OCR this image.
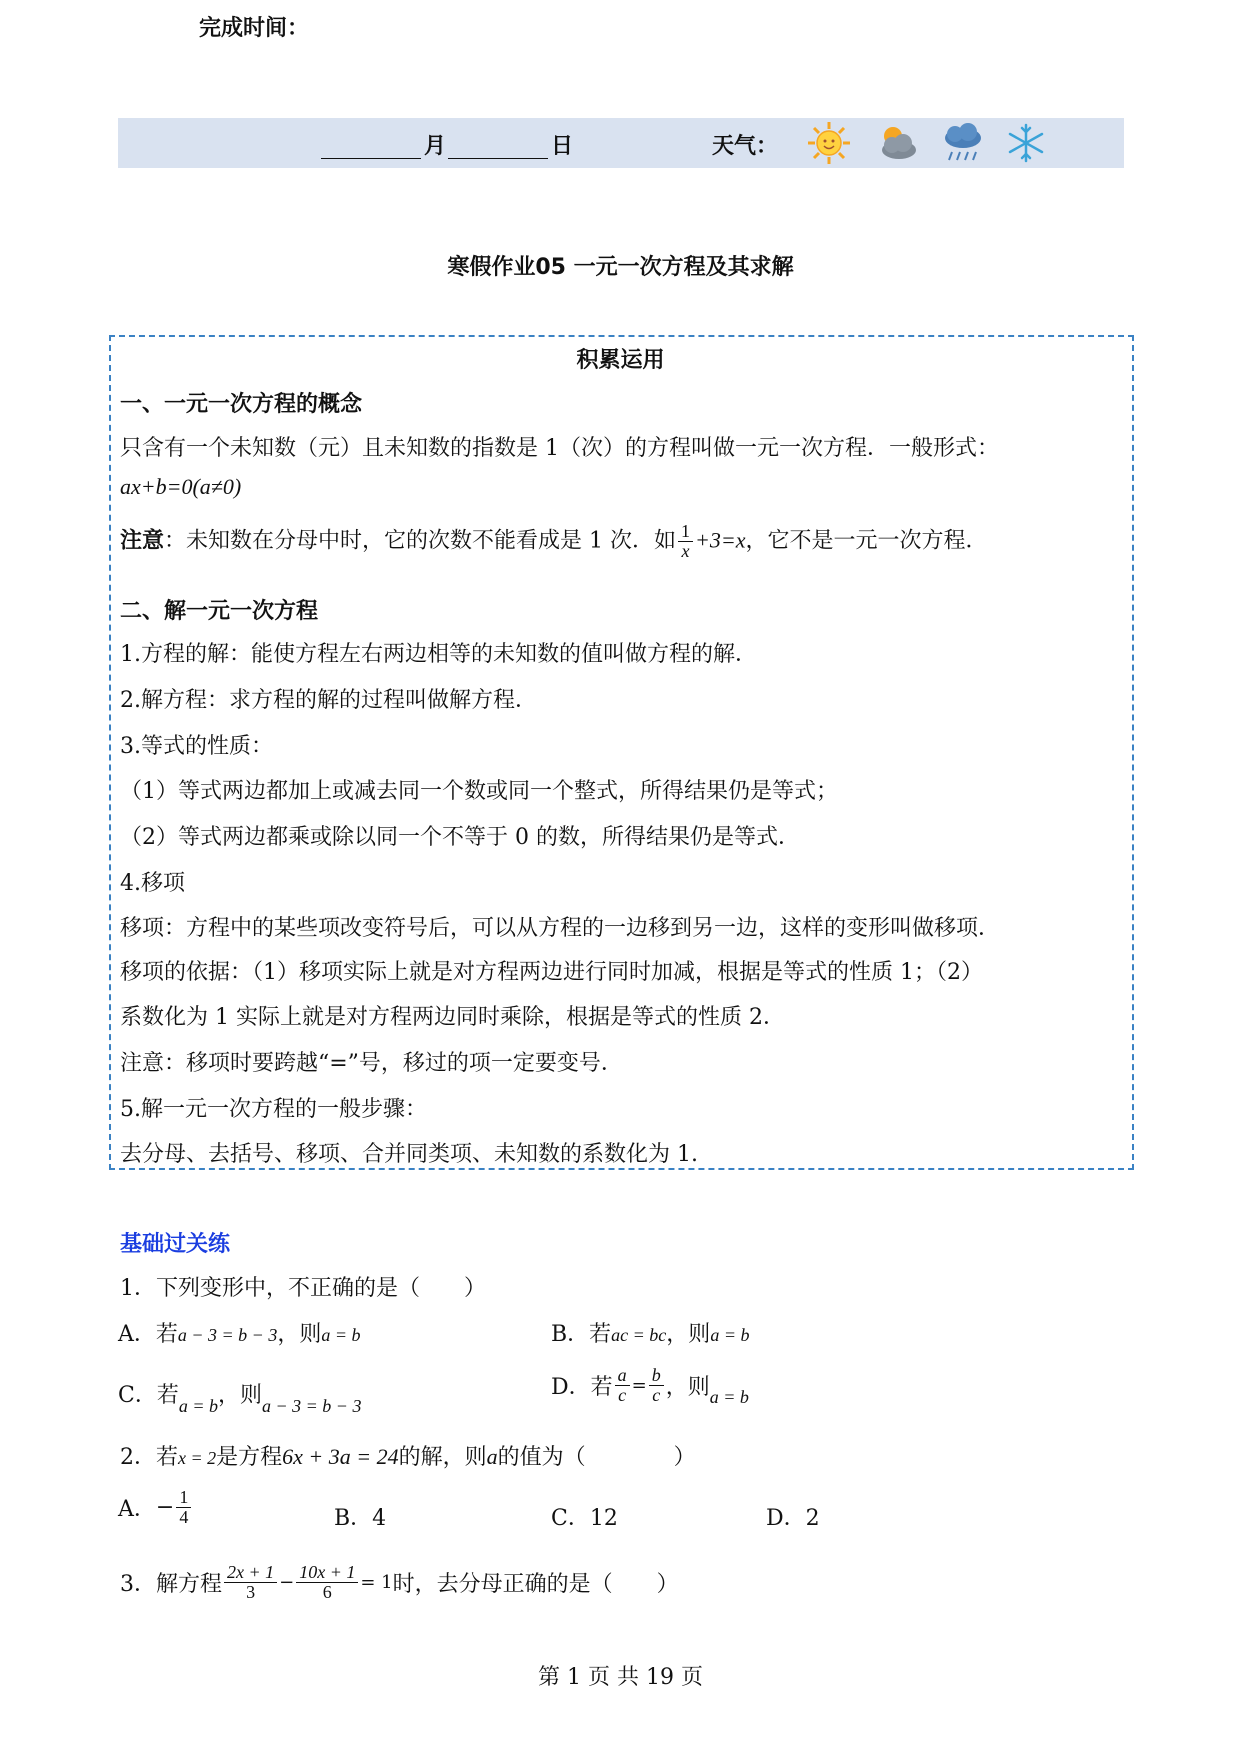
完成时间：
月	日	天气：
寒假作业05 一元一次方程及其求解
积累运用
一、一元一次方程的概念
只含有一个未知数（元）且未知数的指数是 1（次）的方程叫做一元一次方程．一般形式：
ax+b=0(a≠0)
注意：未知数在分母中时，它的次数不能看成是 1 次．如 $\frac{1}{x} +3=x$，它不是一元一次方程．
二、解一元一次方程
1.方程的解：能使方程左右两边相等的未知数的值叫做方程的解．
2.解方程：求方程的解的过程叫做解方程．
3.等式的性质：
（1）等式两边都加上或减去同一个数或同一个整式，所得结果仍是等式；
（2）等式两边都乘或除以同一个不等于 0 的数，所得结果仍是等式．
4.移项
移项：方程中的某些项改变符号后，可以从方程的一边移到另一边，这样的变形叫做移项．
移项的依据：（1）移项实际上就是对方程两边进行同时加减，根据是等式的性质 1；（2）
系数化为 1 实际上就是对方程两边同时乘除，根据是等式的性质 2．
注意：移项时要跨越“=”号，移过的项一定要变号．
5.解一元一次方程的一般步骤：
去分母、去括号、移项、合并同类项、未知数的系数化为 1.
基础过关练
1．下列变形中，不正确的是（　　）
A．若a − 3 = b − 3，则a = b	B．若ac = bc，则a = b
C．若$_{a = b}$，则$_{a - 3 = b - 3}$
D．若 $\frac{a}{c} = \frac{b}{c}$ ，则$_{a = b}$
2．若x = 2是方程6x + 3a = 24的解，则a的值为（　　　　）
A．− $\frac{1}{4}$	B．4	C．12	D．2
3．解方程 $\frac{2x + 1}{3} - \frac{10x + 1}{6} = 1$时，去分母正确的是（　　）
第 1 页 共 19 页
